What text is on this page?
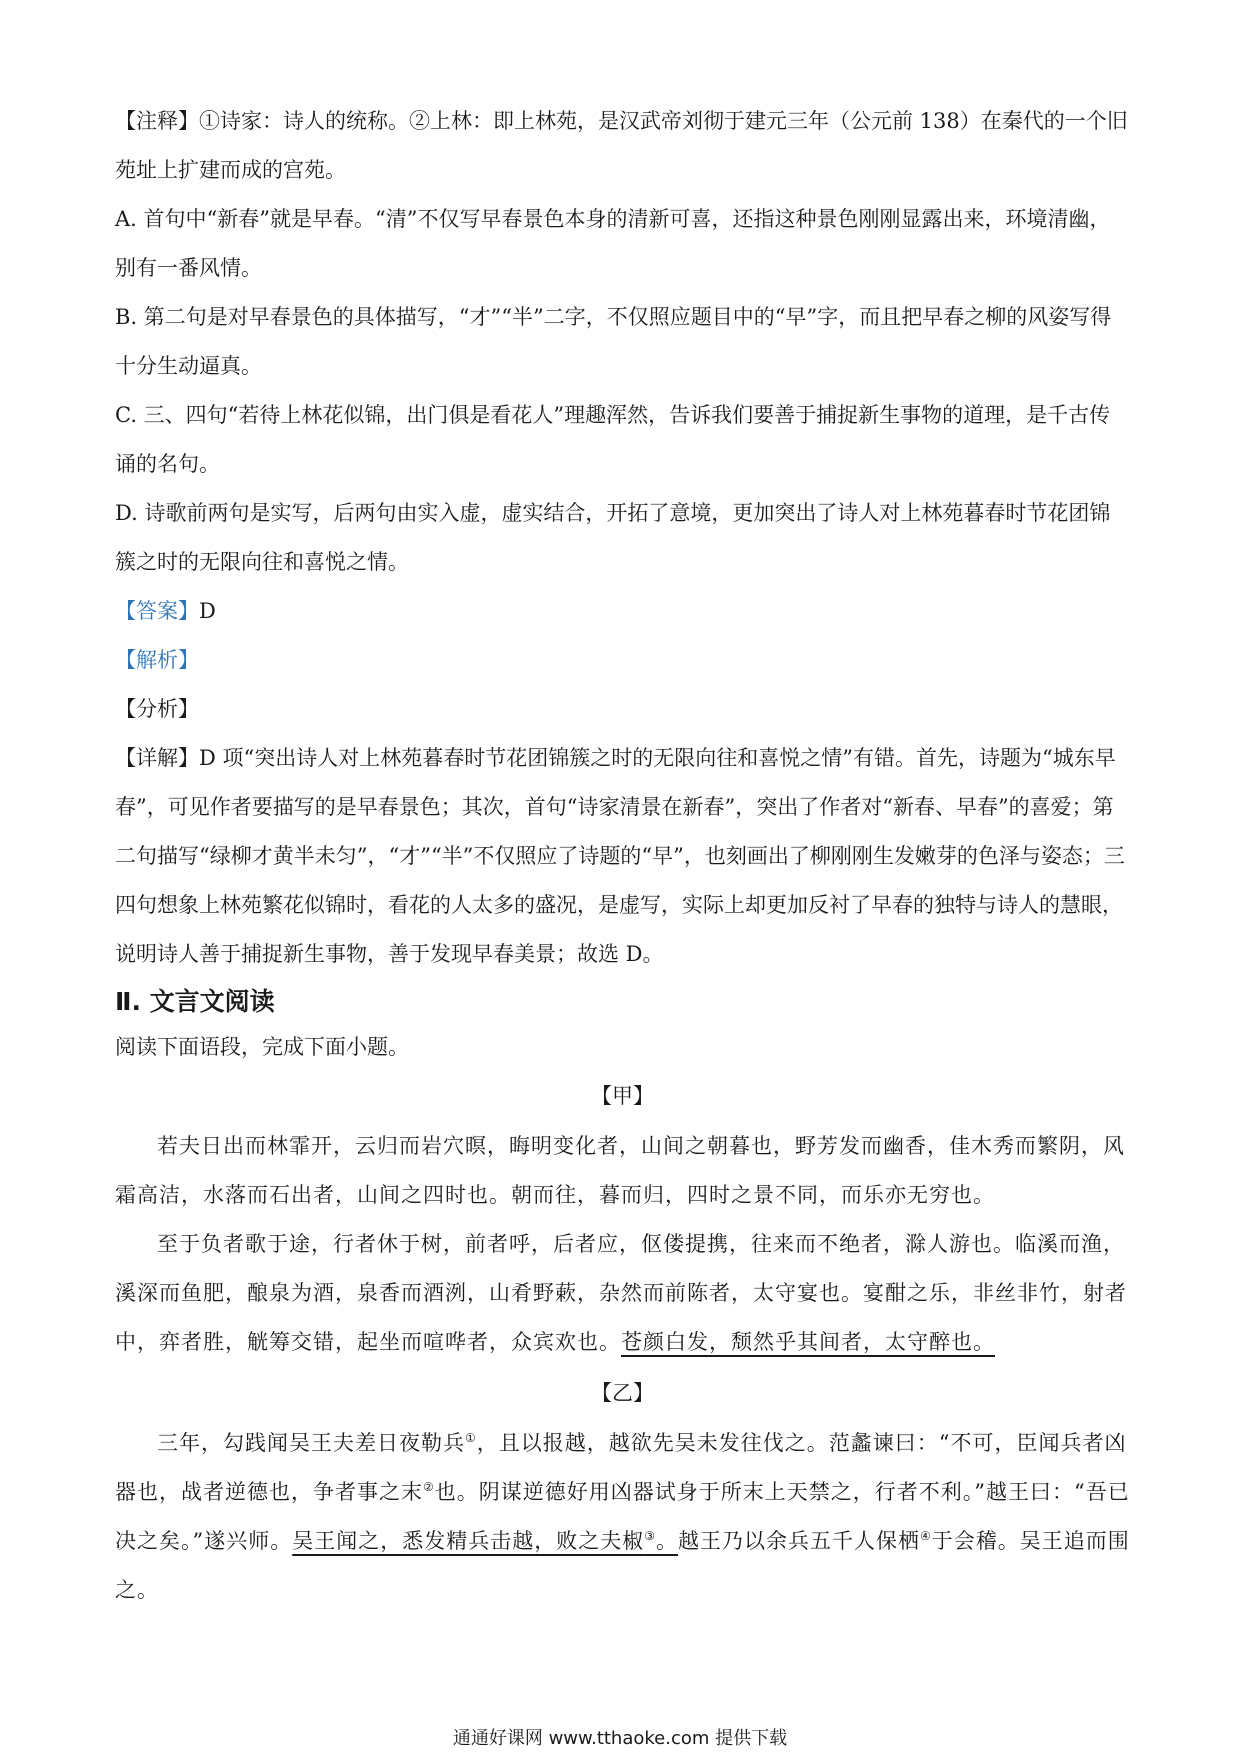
【注释】①诗家：诗人的统称。②上林：即上林苑，是汉武帝刘彻于建元三年（公元前 138）在秦代的一个旧苑址上扩建而成的宫苑。

A. 首句中“新春”就是早春。“清”不仅写早春景色本身的清新可喜，还指这种景色刚刚显露出来，环境清幽，别有一番风情。

B. 第二句是对早春景色的具体描写，“才”“半”二字，不仅照应题目中的“早”字，而且把早春之柳的风姿写得十分生动逼真。

C. 三、四句“若待上林花似锦，出门俱是看花人”理趣浑然，告诉我们要善于捕捉新生事物的道理，是千古传诵的名句。

D. 诗歌前两句是实写，后两句由实入虚，虚实结合，开拓了意境，更加突出了诗人对上林苑暮春时节花团锦簇之时的无限向往和喜悦之情。

【答案】D

【解析】

【分析】

【详解】D 项“突出诗人对上林苑暮春时节花团锦簇之时的无限向往和喜悦之情”有错。首先，诗题为“城东早春”，可见作者要描写的是早春景色；其次，首句“诗家清景在新春”，突出了作者对“新春、早春”的喜爱；第二句描写“绿柳才黄半未匀”，“才”“半”不仅照应了诗题的“早”，也刻画出了柳刚刚生发嫩芽的色泽与姿态；三四句想象上林苑繁花似锦时，看花的人太多的盛况，是虚写，实际上却更加反衬了早春的独特与诗人的慧眼，说明诗人善于捕捉新生事物，善于发现早春美景；故选 D。

Ⅱ. 文言文阅读

阅读下面语段，完成下面小题。

【甲】

若夫日出而林霏开，云归而岩穴暝，晦明变化者，山间之朝暮也，野芳发而幽香，佳木秀而繁阴，风霜高洁，水落而石出者，山间之四时也。朝而往，暮而归，四时之景不同，而乐亦无穷也。

至于负者歌于途，行者休于树，前者呼，后者应，伛偻提携，往来而不绝者，滁人游也。临溪而渔，溪深而鱼肥，酿泉为酒，泉香而酒洌，山肴野蔌，杂然而前陈者，太守宴也。宴酣之乐，非丝非竹，射者中，弈者胜，觥筹交错，起坐而喧哗者，众宾欢也。苍颜白发，颓然乎其间者，太守醉也。

【乙】

三年，勾践闻吴王夫差日夜勒兵①，且以报越，越欲先吴未发往伐之。范蠡谏曰：“不可，臣闻兵者凶器也，战者逆德也，争者事之末②也。阴谋逆德好用凶器试身于所末上天禁之，行者不利。”越王曰：“吾已决之矣。”遂兴师。吴王闻之，悉发精兵击越，败之夫椒③。越王乃以余兵五千人保栖④于会稽。吴王追而围之。

通通好课网 www.tthaoke.com 提供下载
